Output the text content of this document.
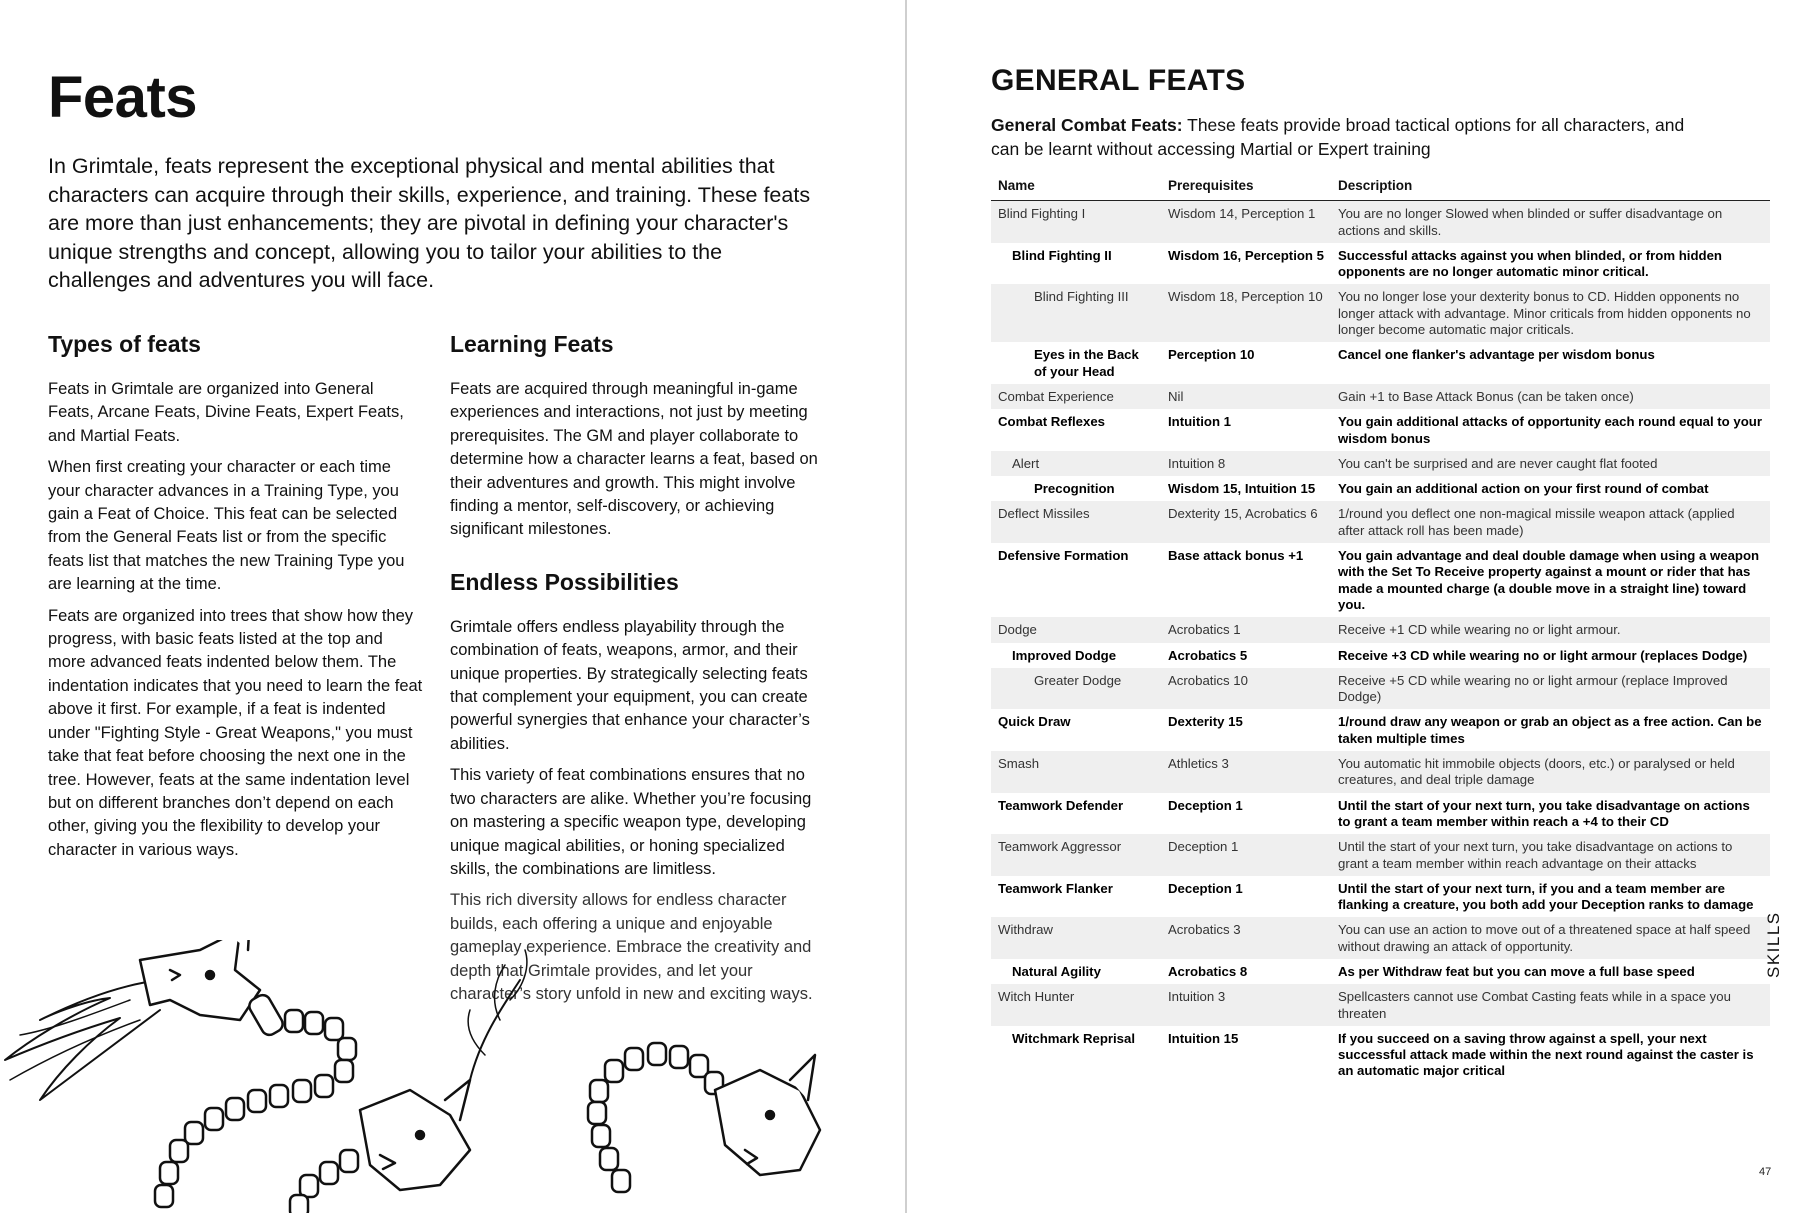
Feats

In Grimtale, feats represent the exceptional physical and mental abilities that characters can acquire through their skills, experience, and training. These feats are more than just enhancements; they are pivotal in defining your character's unique strengths and concept, allowing you to tailor your abilities to the challenges and adventures you will face.

Types of feats

Feats in Grimtale are organized into General Feats, Arcane Feats, Divine Feats, Expert Feats, and Martial Feats.

When first creating your character or each time your character advances in a Training Type, you gain a Feat of Choice. This feat can be selected from the General Feats list or from the specific feats list that matches the new Training Type you are learning at the time.

Feats are organized into trees that show how they progress, with basic feats listed at the top and more advanced feats indented below them. The indentation indicates that you need to learn the feat above it first. For example, if a feat is indented under "Fighting Style - Great Weapons," you must take that feat before choosing the next one in the tree. However, feats at the same indentation level but on different branches don’t depend on each other, giving you the flexibility to develop your character in various ways.

Learning Feats

Feats are acquired through meaningful in-game experiences and interactions, not just by meeting prerequisites. The GM and player collaborate to determine how a character learns a feat, based on their adventures and growth. This might involve finding a mentor, self-discovery, or achieving significant milestones.

Endless Possibilities

Grimtale offers endless playability through the combination of feats, weapons, armor, and their unique properties. By strategically selecting feats that complement your equipment, you can create powerful synergies that enhance your character’s abilities.

This variety of feat combinations ensures that no two characters are alike. Whether you’re focusing on mastering a specific weapon type, developing unique magical abilities, or honing specialized skills, the combinations are limitless.

This rich diversity allows for endless character builds, each offering a unique and enjoyable gameplay experience. Embrace the creativity and depth that Grimtale provides, and let your character’s story unfold in new and exciting ways.

GENERAL FEATS

General Combat Feats: These feats provide broad tactical options for all characters, and can be learnt without accessing Martial or Expert training

Name	Prerequisites	Description
Blind Fighting I	Wisdom 14, Perception 1	You are no longer Slowed when blinded or suffer disadvantage on actions and skills.
Blind Fighting II	Wisdom 16, Perception 5	Successful attacks against you when blinded, or from hidden opponents are no longer automatic minor critical.
Blind Fighting III	Wisdom 18, Perception 10	You no longer lose your dexterity bonus to CD. Hidden opponents no longer attack with advantage. Minor criticals from hidden opponents no longer become automatic major criticals.
Eyes in the Back of your Head	Perception 10	Cancel one flanker's advantage per wisdom bonus
Combat Experience	Nil	Gain +1 to Base Attack Bonus (can be taken once)
Combat Reflexes	Intuition 1	You gain additional attacks of opportunity each round equal to your wisdom bonus
Alert	Intuition 8	You can't be surprised and are never caught flat footed
Precognition	Wisdom 15, Intuition 15	You gain an additional action on your first round of combat
Deflect Missiles	Dexterity 15, Acrobatics 6	1/round you deflect one non-magical missile weapon attack (applied after attack roll has been made)
Defensive Formation	Base attack bonus +1	You gain advantage and deal double damage when using a weapon with the Set To Receive property against a mount or rider that has made a mounted charge (a double move in a straight line) toward you.
Dodge	Acrobatics 1	Receive +1 CD while wearing no or light armour.
Improved Dodge	Acrobatics 5	Receive +3 CD while wearing no or light armour (replaces Dodge)
Greater Dodge	Acrobatics 10	Receive +5 CD while wearing no or light armour (replace Improved Dodge)
Quick Draw	Dexterity 15	1/round draw any weapon or grab an object as a free action. Can be taken multiple times
Smash	Athletics 3	You automatic hit immobile objects (doors, etc.) or paralysed or held creatures, and deal triple damage
Teamwork Defender	Deception 1	Until the start of your next turn, you take disadvantage on actions to grant a team member within reach a +4 to their CD
Teamwork Aggressor	Deception 1	Until the start of your next turn, you take disadvantage on actions to grant a team member within reach advantage on their attacks
Teamwork Flanker	Deception 1	Until the start of your next turn, if you and a team member are flanking a creature, you both add your Deception ranks to damage
Withdraw	Acrobatics 3	You can use an action to move out of a threatened space at half speed without drawing an attack of opportunity.
Natural Agility	Acrobatics 8	As per Withdraw feat but you can move a full base speed
Witch Hunter	Intuition 3	Spellcasters cannot use Combat Casting feats while in a space you threaten
Witchmark Reprisal	Intuition 15	If you succeed on a saving throw against a spell, your next successful attack made within the next round against the caster is an automatic major critical
SKILLS
47
